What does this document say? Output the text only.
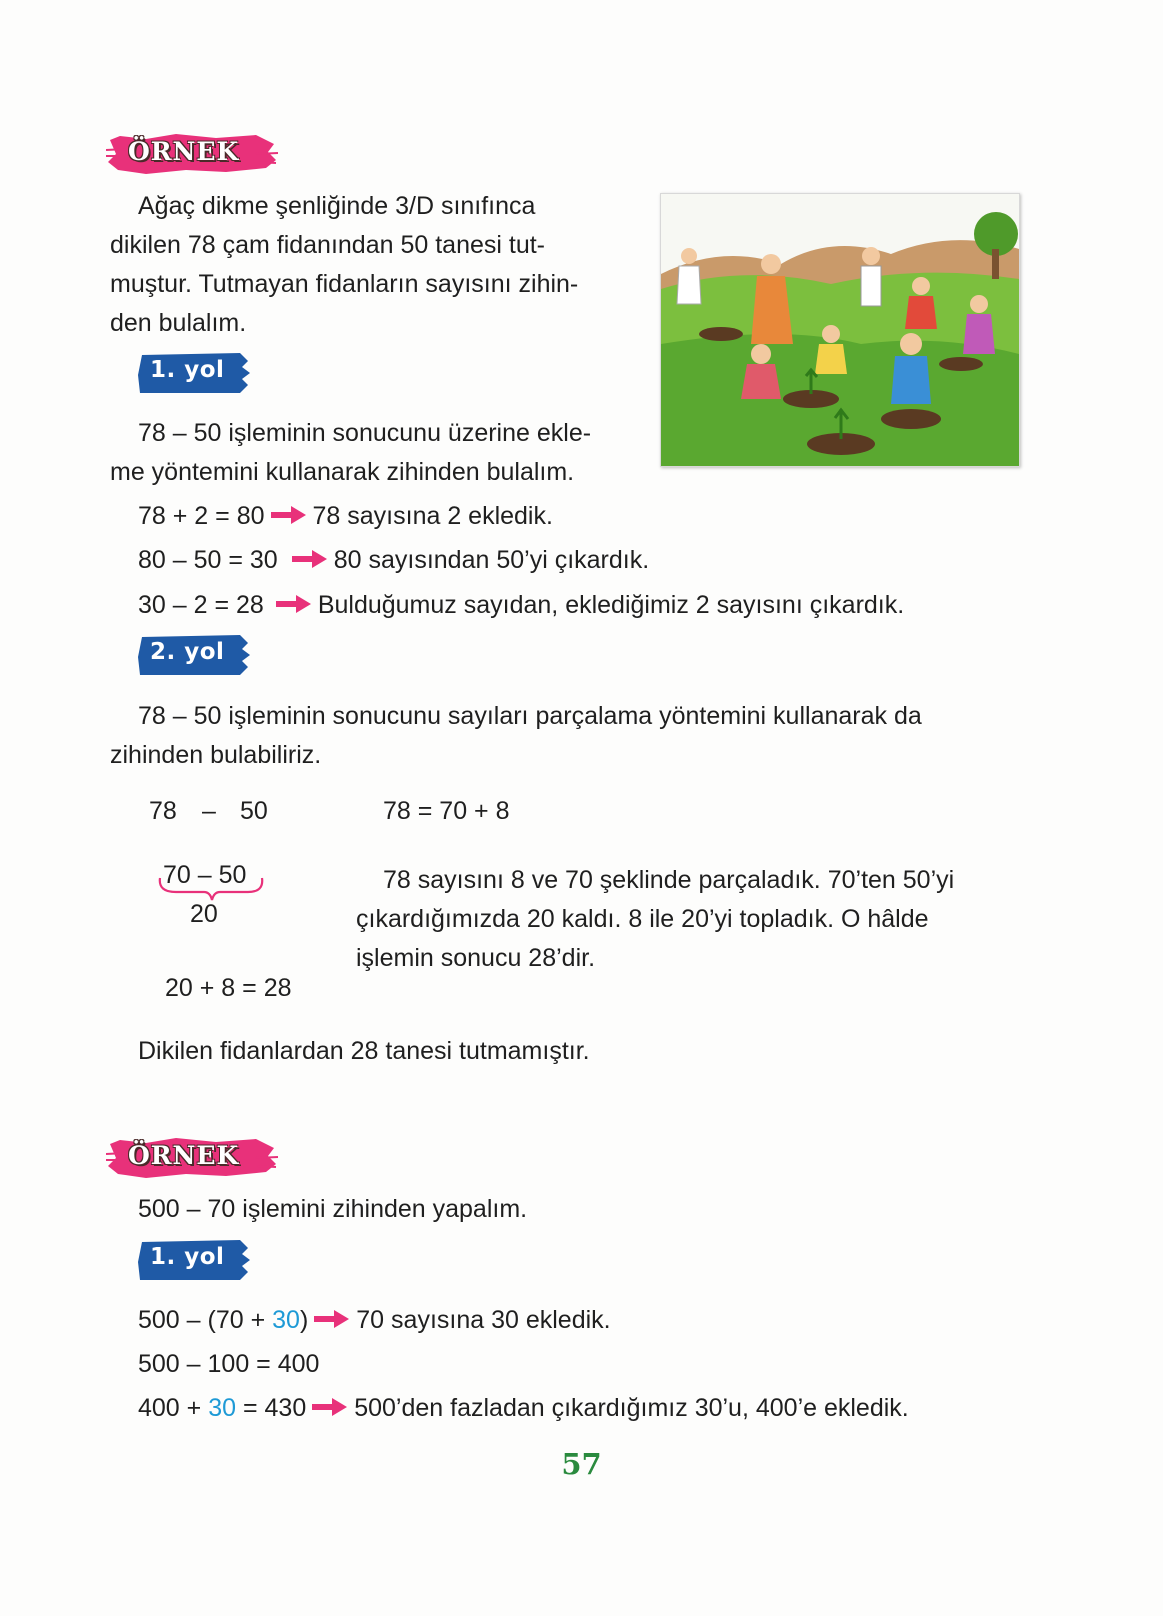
ÖRNEK
Ağaç dikme şenliğinde 3/D sınıfınca
dikilen 78 çam fidanından 50 tanesi tut-
muştur. Tutmayan fidanların sayısını zihin-
den bulalım.
1. yol
78 – 50 işleminin sonucunu üzerine ekle-
me yöntemini kullanarak zihinden bulalım.
78 + 2 = 80 78 sayısına 2 ekledik.
80 – 50 = 30 80 sayısından 50’yi çıkardık.
30 – 2 = 28 Bulduğumuz sayıdan, eklediğimiz 2 sayısını çıkardık.
2. yol
78 – 50 işleminin sonucunu sayıları parçalama yöntemini kullanarak da
zihinden bulabiliriz.
78 – 50	78 = 70 + 8
70 – 50
20
20 + 8 = 28
78 sayısını 8 ve 70 şeklinde parçaladık. 70’ten 50’yi
çıkardığımızda 20 kaldı. 8 ile 20’yi topladık. O hâlde
işlemin sonucu 28’dir.
Dikilen fidanlardan 28 tanesi tutmamıştır.
ÖRNEK
500 – 70 işlemini zihinden yapalım.
1. yol
500 – (70 + 30) 70 sayısına 30 ekledik.
500 – 100 = 400
400 + 30 = 430 500’den fazladan çıkardığımız 30’u, 400’e ekledik.
57
